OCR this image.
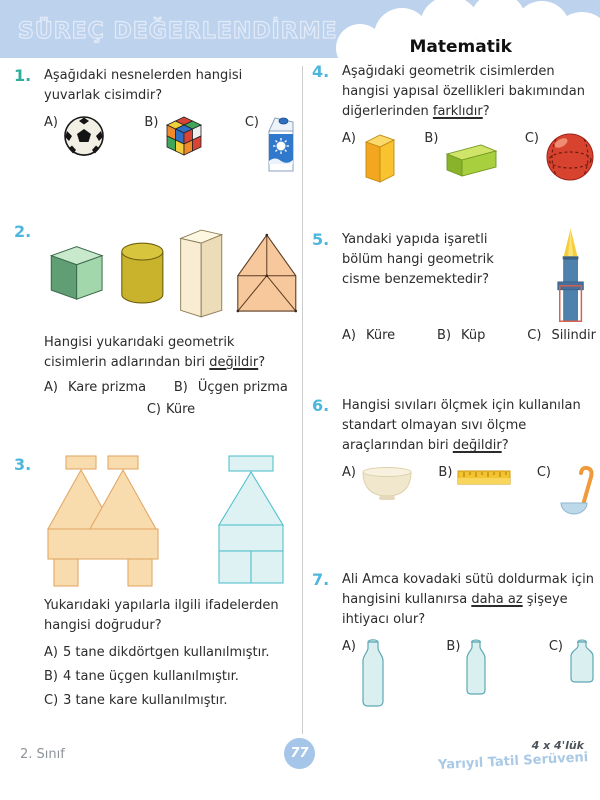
SÜREÇ DEĞERLENDİRME
Matematik
1. Aşağıdaki nesnelerden hangisi yuvarlak cisimdir?

A)	B)	C)
2.

Hangisi yukarıdaki geometrik cisimlerin adlarından biri değildir?

A) Kare prizma B) Üçgen prizma
C) Küre
3.

Yukarıdaki yapılarla ilgili ifadelerden hangisi doğrudur?

A) 5 tane dikdörtgen kullanılmıştır.
B) 4 tane üçgen kullanılmıştır.
C) 3 tane kare kullanılmıştır.
4. Aşağıdaki geometrik cisimlerden hangisi yapısal özellikleri bakımından diğerlerinden farklıdır?

A)	B)	C)
5. Yandaki yapıda işaretli bölüm hangi geometrik cisme benzemektedir?

A) Küre	B) Küp	C) Silindir
6. Hangisi sıvıları ölçmek için kullanılan standart olmayan sıvı ölçme araçlarından biri değildir?

A)	B)	C)
7. Ali Amca kovadaki sütü doldurmak için hangisini kullanırsa daha az şişeye ihtiyacı olur?

A)	B)	C)
2. Sınıf	77
4 x 4'lük
Yarıyıl Tatil Serüveni
